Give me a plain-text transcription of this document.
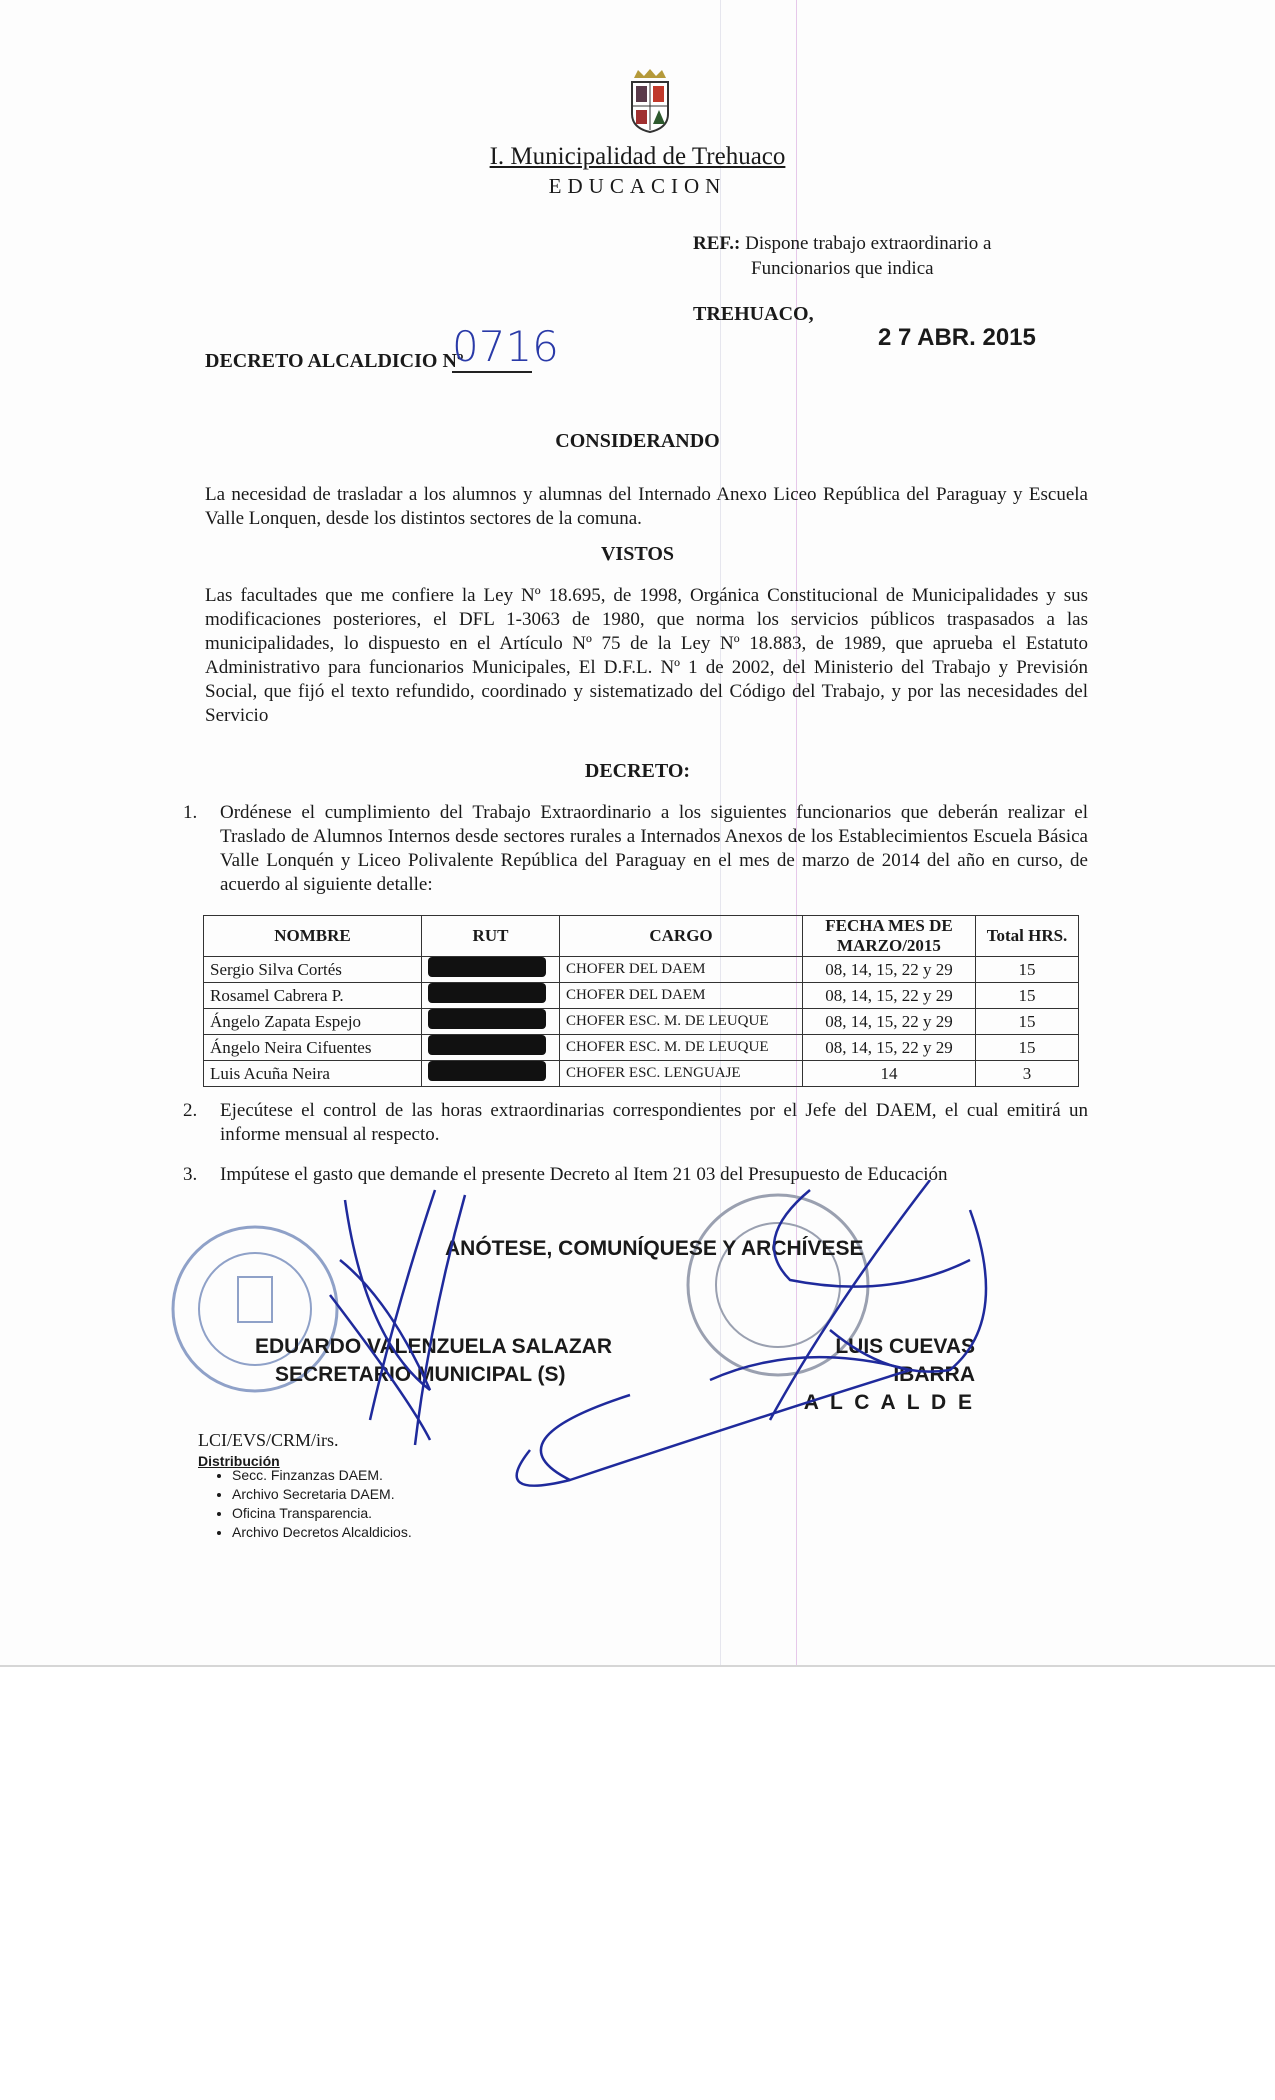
I. Municipalidad de Trehuaco
EDUCACION
REF.: Dispone trabajo extraordinario a
Funcionarios que indica
TREHUACO,
2 7 ABR. 2015
DECRETO ALCALDICIO Nº
0716
CONSIDERANDO
La necesidad de trasladar a los alumnos y alumnas del Internado Anexo Liceo República del Paraguay y Escuela Valle Lonquen, desde los distintos sectores de la comuna.
VISTOS
Las facultades que me confiere la Ley Nº 18.695, de 1998, Orgánica Constitucional de Municipalidades y sus modificaciones posteriores, el DFL 1-3063 de 1980, que norma los servicios públicos traspasados a las municipalidades, lo dispuesto en el Artículo Nº 75 de la Ley Nº 18.883, de 1989, que aprueba el Estatuto Administrativo para funcionarios Municipales, El D.F.L. Nº 1 de 2002, del Ministerio del Trabajo y Previsión Social, que fijó el texto refundido, coordinado y sistematizado del Código del Trabajo, y por las necesidades del Servicio
DECRETO:
1. Ordénese el cumplimiento del Trabajo Extraordinario a los siguientes funcionarios que deberán realizar el Traslado de Alumnos Internos desde sectores rurales a Internados Anexos de los Establecimientos Escuela Básica Valle Lonquén y Liceo Polivalente República del Paraguay en el mes de marzo de 2014 del año en curso, de acuerdo al siguiente detalle:
NOMBRE	RUT	CARGO	FECHA MES DE MARZO/2015	Total HRS.
Sergio Silva Cortés		CHOFER DEL DAEM	08, 14, 15, 22 y 29	15
Rosamel Cabrera P.		CHOFER DEL DAEM	08, 14, 15, 22 y 29	15
Ángelo Zapata Espejo		CHOFER ESC. M. DE LEUQUE	08, 14, 15, 22 y 29	15
Ángelo Neira Cifuentes		CHOFER ESC. M. DE LEUQUE	08, 14, 15, 22 y 29	15
Luis Acuña Neira		CHOFER ESC. LENGUAJE	14	3
2. Ejecútese el control de las horas extraordinarias correspondientes por el Jefe del DAEM, el cual emitirá un informe mensual al respecto.
3. Impútese el gasto que demande el presente Decreto al Item 21 03 del Presupuesto de Educación
ANÓTESE, COMUNÍQUESE Y ARCHÍVESE
EDUARDO VALENZUELA SALAZAR
SECRETARIO MUNICIPAL (S)
LUIS CUEVAS IBARRA
A L C A L D E
LCI/EVS/CRM/irs.
Distribución
• Secc. Finzanzas DAEM.
• Archivo Secretaria DAEM.
• Oficina Transparencia.
• Archivo Decretos Alcaldicios.
